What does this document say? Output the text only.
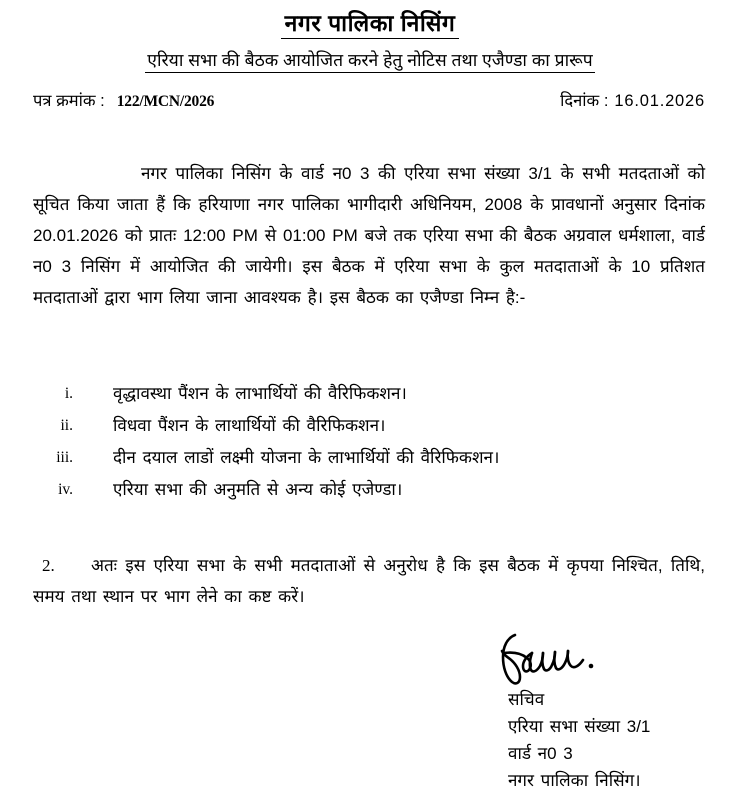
नगर पालिका निसिंग
एरिया सभा की बैठक आयोजित करने हेतु नोटिस तथा एजैण्डा का प्रारूप
पत्र क्रमांक : 122/MCN/2026	दिनांक : 16.01.2026

नगर पालिका निसिंग के वार्ड न0 3 की एरिया सभा संख्या 3/1 के सभी मतदताओं को सूचित किया जाता हैं कि हरियाणा नगर पालिका भागीदारी अधिनियम, 2008 के प्रावधानों अनुसार दिनांक 20.01.2026 को प्रातः 12:00 PM से 01:00 PM बजे तक एरिया सभा की बैठक अग्रवाल धर्मशाला, वार्ड न0 3 निसिंग में आयोजित की जायेगी। इस बैठक में एरिया सभा के कुल मतदाताओं के 10 प्रतिशत मतदाताओं द्वारा भाग लिया जाना आवश्यक है। इस बैठक का एजैण्डा निम्न है:-

i. वृद्धावस्था पैंशन के लाभार्थियों की वैरिफिकशन।
ii. विधवा पैंशन के लाथार्थियों की वैरिफिकशन।
iii. दीन दयाल लाडों लक्ष्मी योजना के लाभार्थियों की वैरिफिकशन।
iv. एरिया सभा की अनुमति से अन्य कोई एजेण्डा।
2.	अतः इस एरिया सभा के सभी मतदाताओं से अनुरोध है कि इस बैठक में कृपया निश्चित, तिथि, समय तथा स्थान पर भाग लेने का कष्ट करें।
सचिव
एरिया सभा संख्या 3/1
वार्ड न0 3
नगर पालिका निसिंग।
